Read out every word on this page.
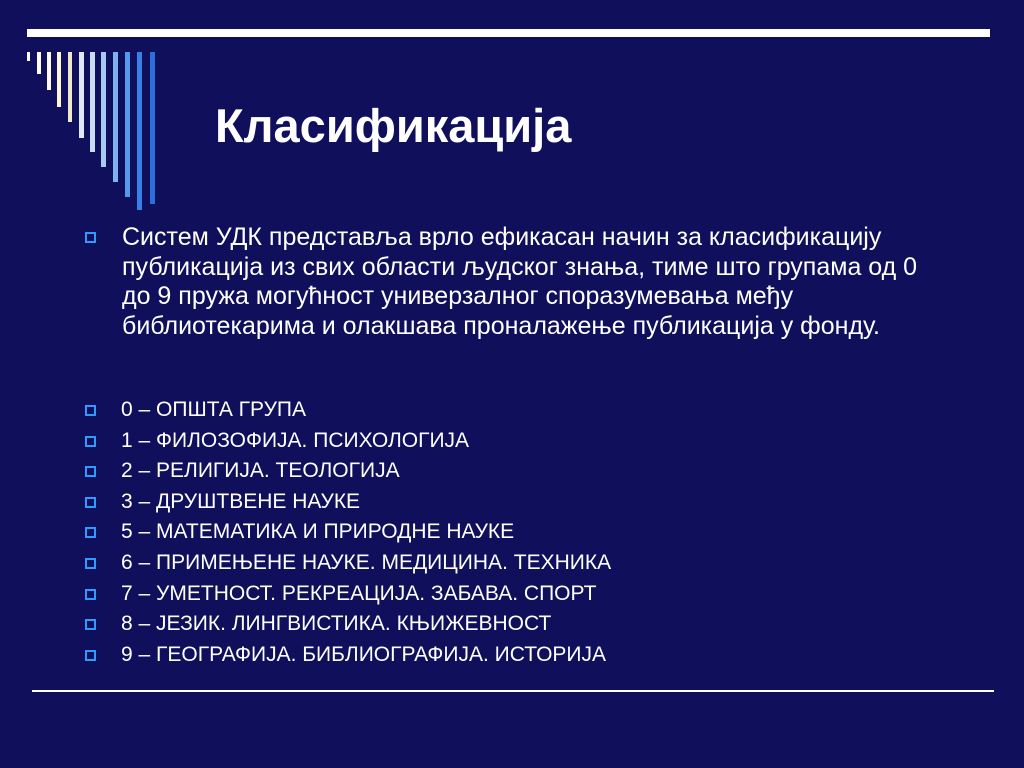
Класификација

Систем УДК представља врло ефикасан начин за класификацију публикација из свих области људског знања, тиме што групама од 0 до 9 пружа могућност универзалног споразумевања међу библиотекарима и олакшава проналажење публикација у фонду.

0 – ОПШТА ГРУПА
1 – ФИЛОЗОФИЈА. ПСИХОЛОГИЈА
2 – РЕЛИГИЈА. ТЕОЛОГИЈА
3 – ДРУШТВЕНЕ НАУКЕ
5 – МАТЕМАТИКА И ПРИРОДНЕ НАУКЕ
6 – ПРИМЕЊЕНЕ НАУКЕ. МЕДИЦИНА. ТЕХНИКА
7 – УМЕТНОСТ. РЕКРЕАЦИЈА. ЗАБАВА. СПОРТ
8 – ЈЕЗИК. ЛИНГВИСТИКА. КЊИЖЕВНОСТ
9 – ГЕОГРАФИЈА. БИБЛИОГРАФИЈА. ИСТОРИЈА
